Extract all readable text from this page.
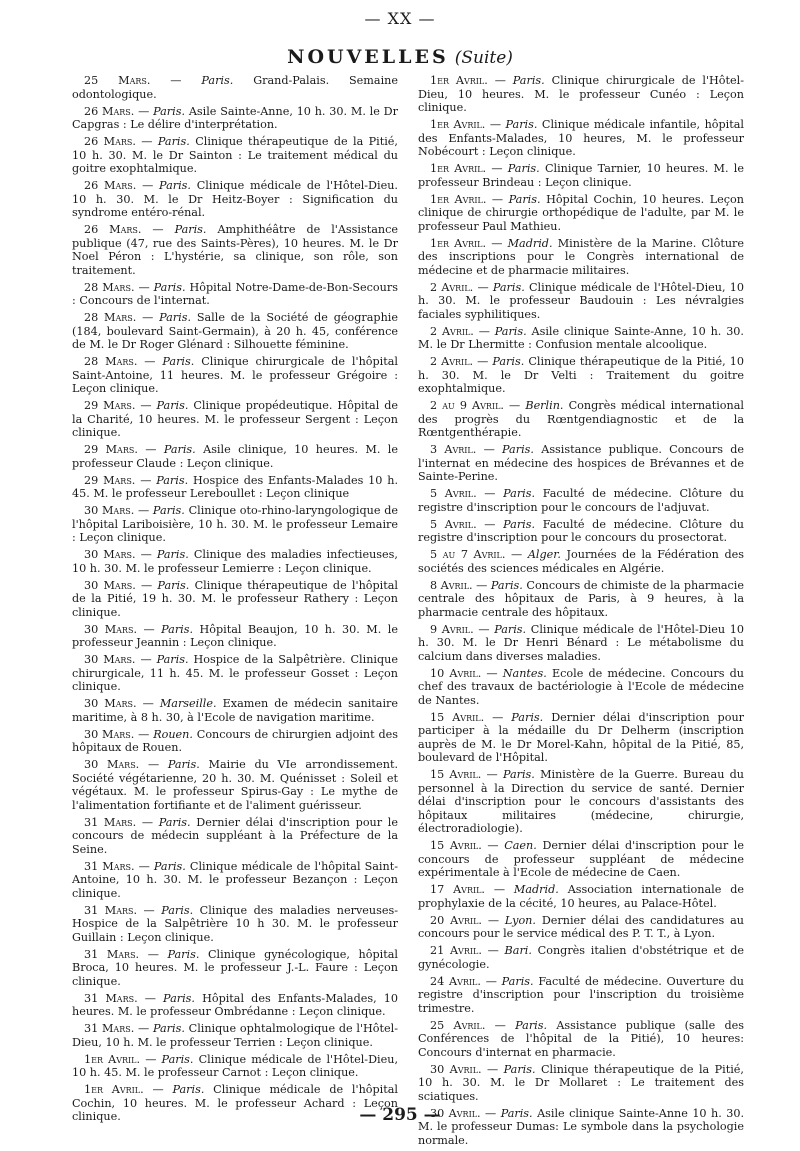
— XX —
NOUVELLES (Suite)

25 Mars. — Paris. Grand-Palais. Semaine odontologique.

26 Mars. — Paris. Asile Sainte-Anne, 10 h. 30. M. le Dr Capgras : Le délire d'interprétation.

26 Mars. — Paris. Clinique thérapeutique de la Pitié, 10 h. 30. M. le Dr Sainton : Le traitement médical du goitre exophtalmique.

26 Mars. — Paris. Clinique médicale de l'Hôtel-Dieu. 10 h. 30. M. le Dr Heitz-Boyer : Signification du syndrome entéro-rénal.

26 Mars. — Paris. Amphithéâtre de l'Assistance publique (47, rue des Saints-Pères), 10 heures. M. le Dr Noel Péron : L'hystérie, sa clinique, son rôle, son traitement.

28 Mars. — Paris. Hôpital Notre-Dame-de-Bon-Secours : Concours de l'internat.

28 Mars. — Paris. Salle de la Société de géographie (184, boulevard Saint-Germain), à 20 h. 45, conférence de M. le Dr Roger Glénard : Silhouette féminine.

28 Mars. — Paris. Clinique chirurgicale de l'hôpital Saint-Antoine, 11 heures. M. le professeur Grégoire : Leçon clinique.

29 Mars. — Paris. Clinique propédeutique. Hôpital de la Charité, 10 heures. M. le professeur Sergent : Leçon clinique.

29 Mars. — Paris. Asile clinique, 10 heures. M. le professeur Claude : Leçon clinique.

29 Mars. — Paris. Hospice des Enfants-Malades 10 h. 45. M. le professeur Lereboullet : Leçon clinique

30 Mars. — Paris. Clinique oto-rhino-laryngologique de l'hôpital Lariboisière, 10 h. 30. M. le professeur Lemaire : Leçon clinique.

30 Mars. — Paris. Clinique des maladies infectieuses, 10 h. 30. M. le professeur Lemierre : Leçon clinique.

30 Mars. — Paris. Clinique thérapeutique de l'hôpital de la Pitié, 19 h. 30. M. le professeur Rathery : Leçon clinique.

30 Mars. — Paris. Hôpital Beaujon, 10 h. 30. M. le professeur Jeannin : Leçon clinique.

30 Mars. — Paris. Hospice de la Salpêtrière. Clinique chirurgicale, 11 h. 45. M. le professeur Gosset : Leçon clinique.

30 Mars. — Marseille. Examen de médecin sanitaire maritime, à 8 h. 30, à l'Ecole de navigation maritime.

30 Mars. — Rouen. Concours de chirurgien adjoint des hôpitaux de Rouen.

30 Mars. — Paris. Mairie du VIe arrondissement. Société végétarienne, 20 h. 30. M. Quénisset : Soleil et végétaux. M. le professeur Spirus-Gay : Le mythe de l'alimentation fortifiante et de l'aliment guérisseur.

31 Mars. — Paris. Dernier délai d'inscription pour le concours de médecin suppléant à la Préfecture de la Seine.

31 Mars. — Paris. Clinique médicale de l'hôpital Saint-Antoine, 10 h. 30. M. le professeur Bezançon : Leçon clinique.

31 Mars. — Paris. Clinique des maladies nerveuses-Hospice de la Salpêtrière 10 h 30. M. le professeur Guillain : Leçon clinique.

31 Mars. — Paris. Clinique gynécologique, hôpital Broca, 10 heures. M. le professeur J.-L. Faure : Leçon clinique.

31 Mars. — Paris. Hôpital des Enfants-Malades, 10 heures. M. le professeur Ombrédanne : Leçon clinique.

31 Mars. — Paris. Clinique ophtalmologique de l'Hôtel-Dieu, 10 h. M. le professeur Terrien : Leçon clinique.

1er Avril. — Paris. Clinique médicale de l'Hôtel-Dieu, 10 h. 45. M. le professeur Carnot : Leçon clinique.

1er Avril. — Paris. Clinique médicale de l'hôpital Cochin, 10 heures. M. le professeur Achard : Leçon clinique.

1er Avril. — Paris. Clinique chirurgicale de l'Hôtel-Dieu, 10 heures. M. le professeur Cunéo : Leçon clinique.

1er Avril. — Paris. Clinique médicale infantile, hôpital des Enfants-Malades, 10 heures, M. le professeur Nobécourt : Leçon clinique.

1er Avril. — Paris. Clinique Tarnier, 10 heures. M. le professeur Brindeau : Leçon clinique.

1er Avril. — Paris. Hôpital Cochin, 10 heures. Leçon clinique de chirurgie orthopédique de l'adulte, par M. le professeur Paul Mathieu.

1er Avril. — Madrid. Ministère de la Marine. Clôture des inscriptions pour le Congrès international de médecine et de pharmacie militaires.

2 Avril. — Paris. Clinique médicale de l'Hôtel-Dieu, 10 h. 30. M. le professeur Baudouin : Les névralgies faciales syphilitiques.

2 Avril. — Paris. Asile clinique Sainte-Anne, 10 h. 30. M. le Dr Lhermitte : Confusion mentale alcoolique.

2 Avril. — Paris. Clinique thérapeutique de la Pitié, 10 h. 30. M. le Dr Velti : Traitement du goitre exophtalmique.

2 au 9 Avril. — Berlin. Congrès médical international des progrès du Rœntgendiagnostic et de la Rœntgenthérapie.

3 Avril. — Paris. Assistance publique. Concours de l'internat en médecine des hospices de Brévannes et de Sainte-Perine.

5 Avril. — Paris. Faculté de médecine. Clôture du registre d'inscription pour le concours de l'adjuvat.

5 Avril. — Paris. Faculté de médecine. Clôture du registre d'inscription pour le concours du prosectorat.

5 au 7 Avril. — Alger. Journées de la Fédération des sociétés des sciences médicales en Algérie.

8 Avril. — Paris. Concours de chimiste de la pharmacie centrale des hôpitaux de Paris, à 9 heures, à la pharmacie centrale des hôpitaux.

9 Avril. — Paris. Clinique médicale de l'Hôtel-Dieu 10 h. 30. M. le Dr Henri Bénard : Le métabolisme du calcium dans diverses maladies.

10 Avril. — Nantes. Ecole de médecine. Concours du chef des travaux de bactériologie à l'Ecole de médecine de Nantes.

15 Avril. — Paris. Dernier délai d'inscription pour participer à la médaille du Dr Delherm (inscription auprès de M. le Dr Morel-Kahn, hôpital de la Pitié, 85, boulevard de l'Hôpital.

15 Avril. — Paris. Ministère de la Guerre. Bureau du personnel à la Direction du service de santé. Dernier délai d'inscription pour le concours d'assistants des hôpitaux militaires (médecine, chirurgie, électroradiologie).

15 Avril. — Caen. Dernier délai d'inscription pour le concours de professeur suppléant de médecine expérimentale à l'Ecole de médecine de Caen.

17 Avril. — Madrid. Association internationale de prophylaxie de la cécité, 10 heures, au Palace-Hôtel.

20 Avril. — Lyon. Dernier délai des candidatures au concours pour le service médical des P. T. T., à Lyon.

21 Avril. — Bari. Congrès italien d'obstétrique et de gynécologie.

24 Avril. — Paris. Faculté de médecine. Ouverture du registre d'inscription pour l'inscription du troisième trimestre.

25 Avril. — Paris. Assistance publique (salle des Conférences de l'hôpital de la Pitié), 10 heures: Concours d'internat en pharmacie.

30 Avril. — Paris. Clinique thérapeutique de la Pitié, 10 h. 30. M. le Dr Mollaret : Le traitement des sciatiques.

30 Avril. — Paris. Asile clinique Sainte-Anne 10 h. 30. M. le professeur Dumas: Le symbole dans la psychologie normale.

— 295 —
